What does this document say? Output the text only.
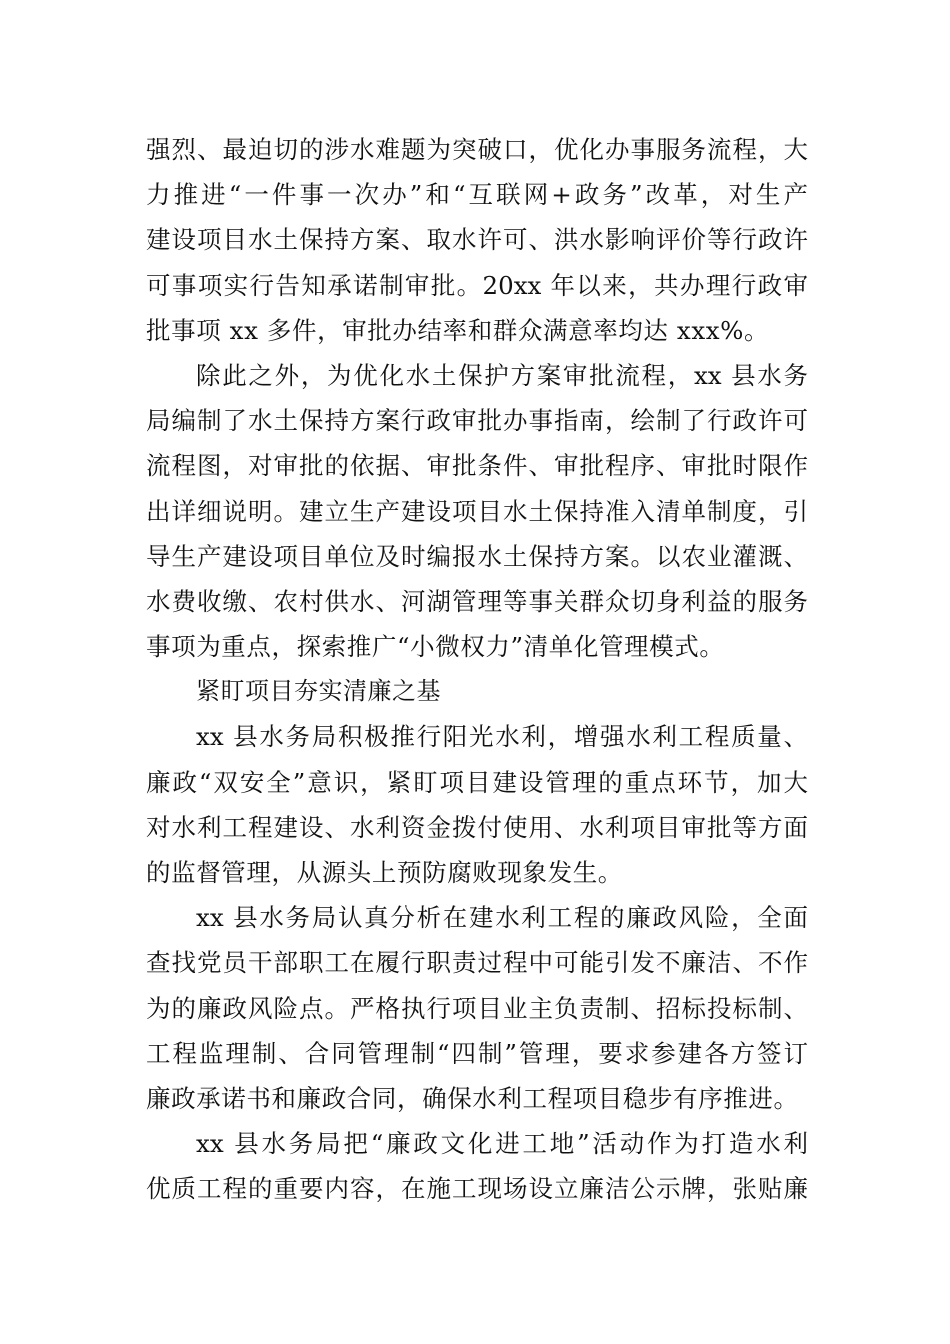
强烈、最迫切的涉水难题为突破口，优化办事服务流程，大
力推进“一件事一次办”和“互联网+政务”改革，对生产
建设项目水土保持方案、取水许可、洪水影响评价等行政许
可事项实行告知承诺制审批。20xx 年以来，共办理行政审
批事项 xx 多件，审批办结率和群众满意率均达 xxx%。
除此之外，为优化水土保护方案审批流程，xx 县水务
局编制了水土保持方案行政审批办事指南，绘制了行政许可
流程图，对审批的依据、审批条件、审批程序、审批时限作
出详细说明。建立生产建设项目水土保持准入清单制度，引
导生产建设项目单位及时编报水土保持方案。以农业灌溉、
水费收缴、农村供水、河湖管理等事关群众切身利益的服务
事项为重点，探索推广“小微权力”清单化管理模式。
紧盯项目夯实清廉之基
xx 县水务局积极推行阳光水利，增强水利工程质量、
廉政“双安全”意识，紧盯项目建设管理的重点环节，加大
对水利工程建设、水利资金拨付使用、水利项目审批等方面
的监督管理，从源头上预防腐败现象发生。
xx 县水务局认真分析在建水利工程的廉政风险，全面
查找党员干部职工在履行职责过程中可能引发不廉洁、不作
为的廉政风险点。严格执行项目业主负责制、招标投标制、
工程监理制、合同管理制“四制”管理，要求参建各方签订
廉政承诺书和廉政合同，确保水利工程项目稳步有序推进。
xx 县水务局把“廉政文化进工地”活动作为打造水利
优质工程的重要内容，在施工现场设立廉洁公示牌，张贴廉
